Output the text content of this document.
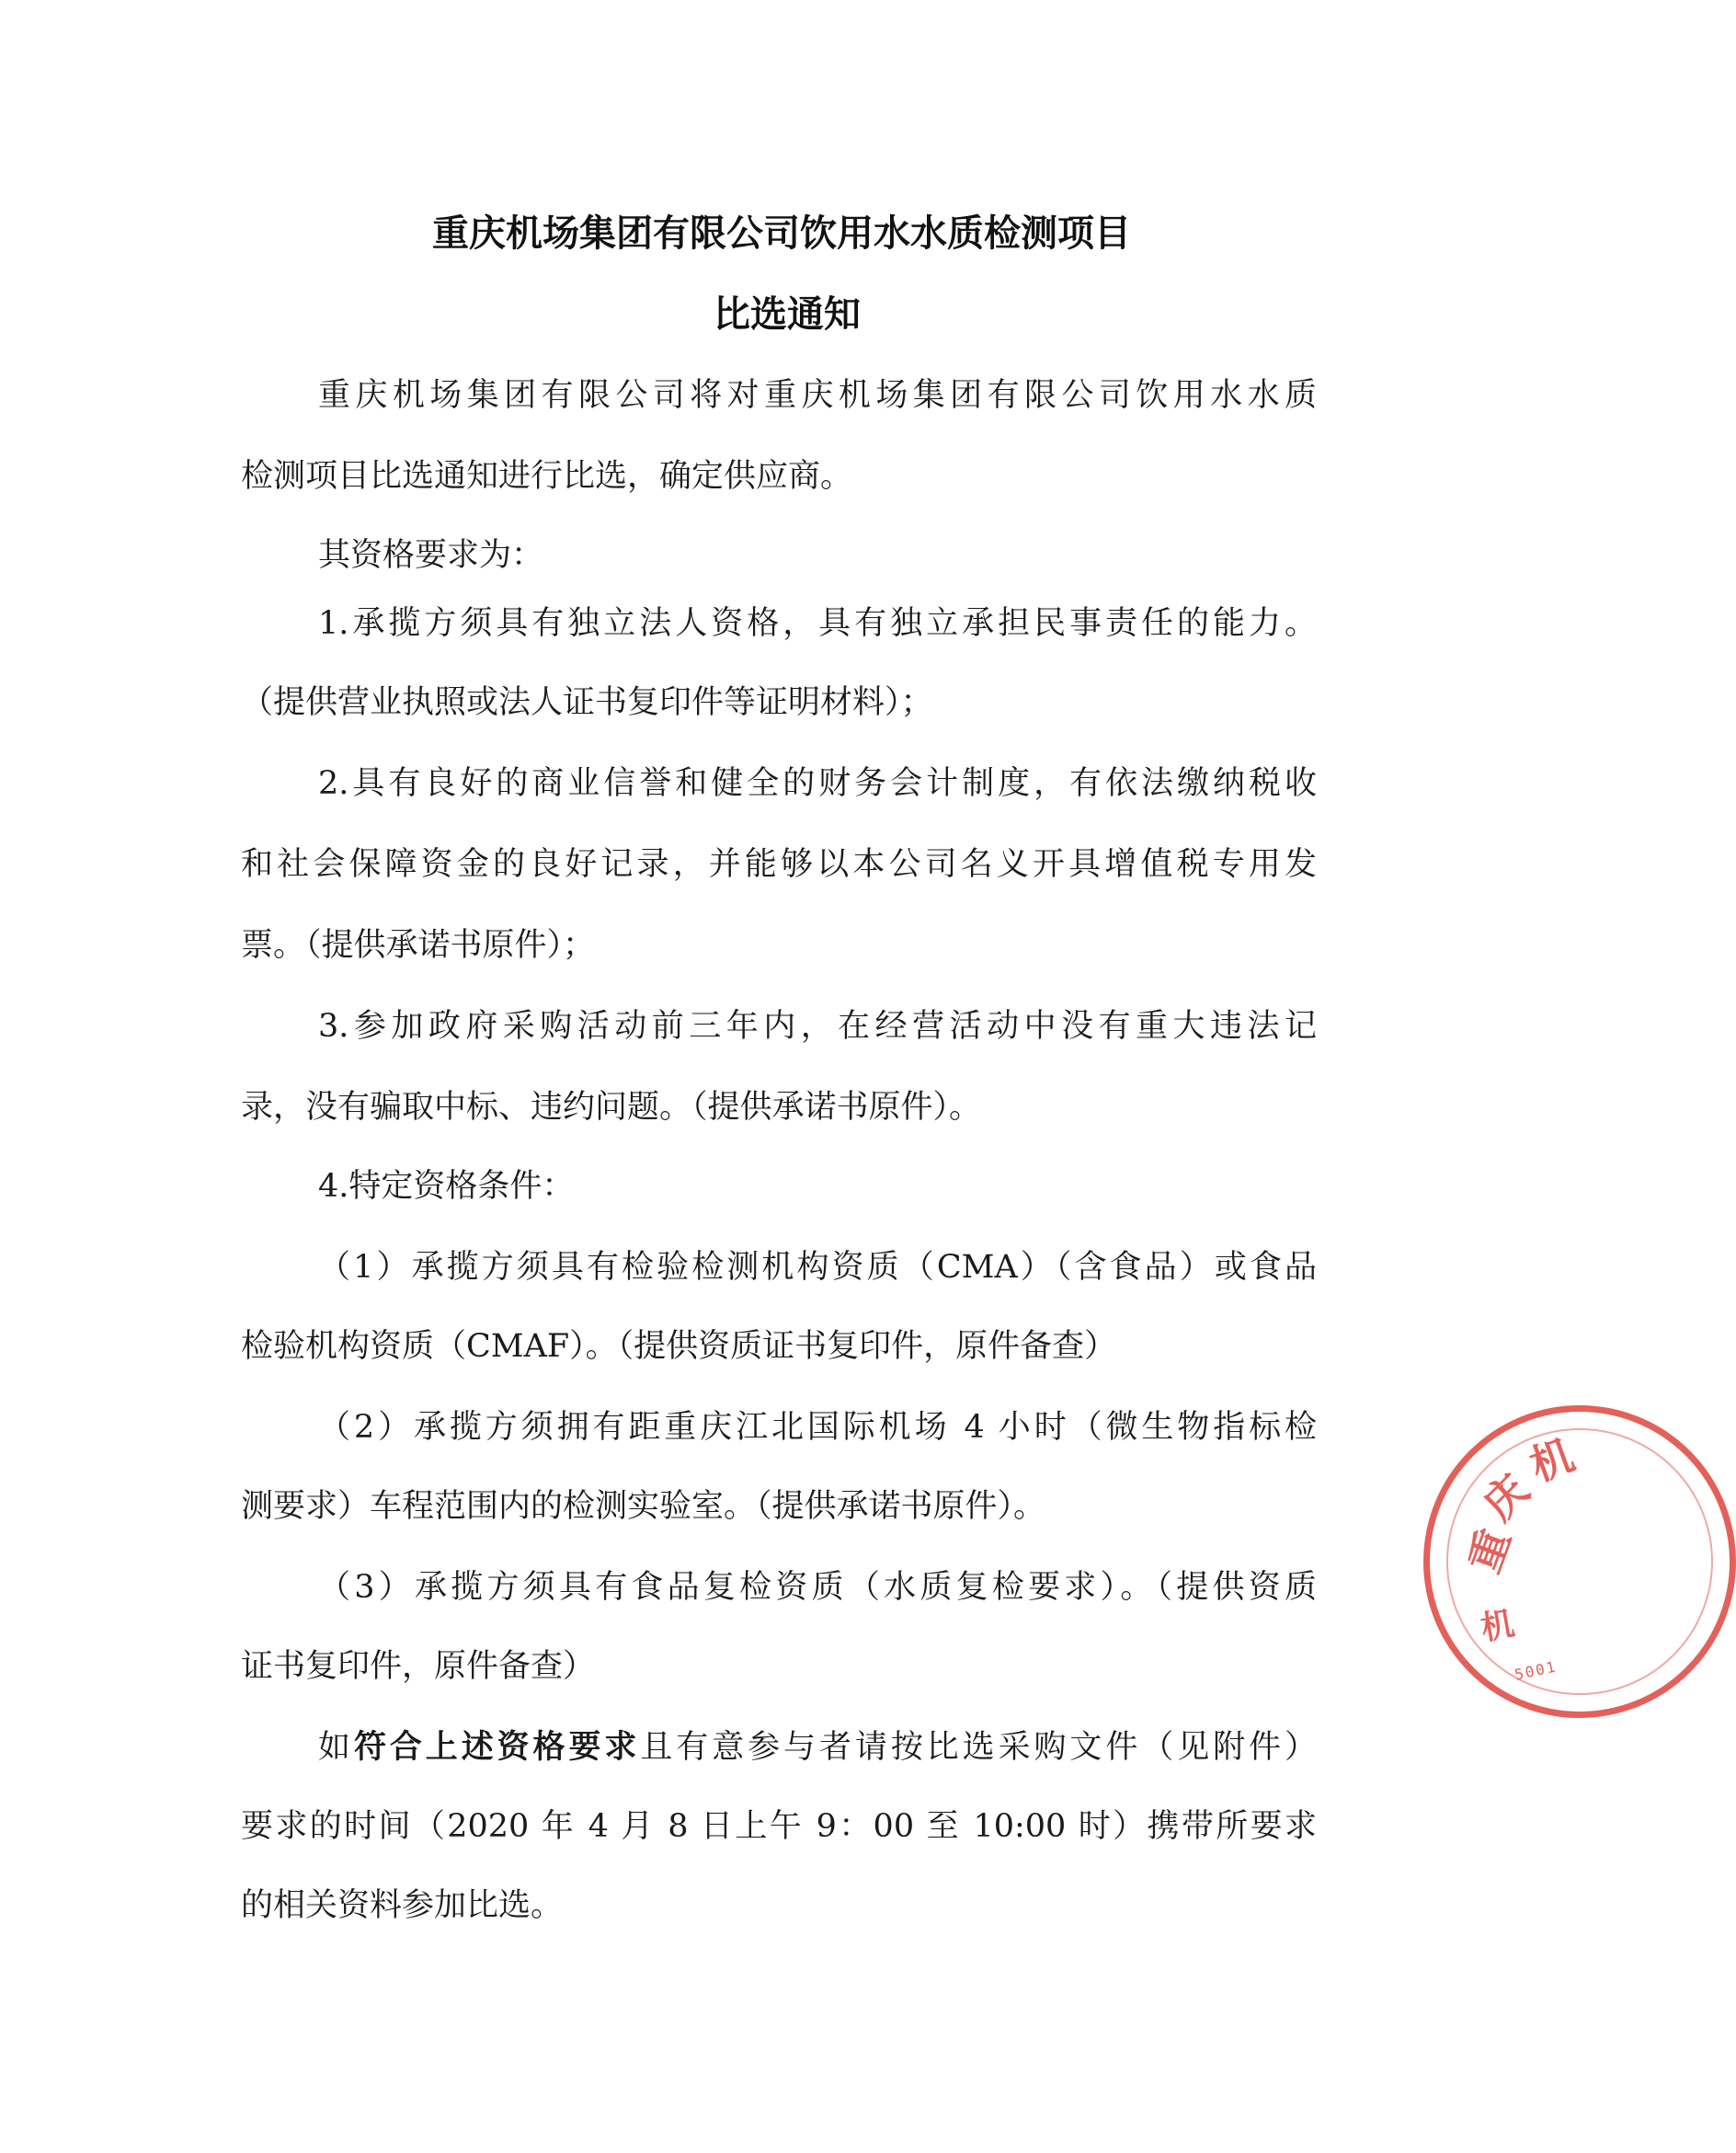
重庆机场集团有限公司饮用水水质检测项目
比选通知
重庆机场集团有限公司将对重庆机场集团有限公司饮用水水质
检测项目比选通知进行比选，确定供应商。
其资格要求为：
1.承揽方须具有独立法人资格，具有独立承担民事责任的能力。
（提供营业执照或法人证书复印件等证明材料）；
2.具有良好的商业信誉和健全的财务会计制度，有依法缴纳税收
和社会保障资金的良好记录，并能够以本公司名义开具增值税专用发
票。（提供承诺书原件）；
3.参加政府采购活动前三年内，在经营活动中没有重大违法记
录，没有骗取中标、违约问题。（提供承诺书原件）。
4.特定资格条件：
（1）承揽方须具有检验检测机构资质（CMA）（含食品）或食品
检验机构资质（CMAF）。（提供资质证书复印件，原件备查）
（2）承揽方须拥有距重庆江北国际机场 4 小时（微生物指标检
测要求）车程范围内的检测实验室。（提供承诺书原件）。
（3）承揽方须具有食品复检资质（水质复检要求）。（提供资质
证书复印件，原件备查）
如符合上述资格要求且有意参与者请按比选采购文件（见附件）
要求的时间（2020 年 4 月 8 日上午 9：00 至 10:00 时）携带所要求
的相关资料参加比选。
重
庆
机
机
5001
